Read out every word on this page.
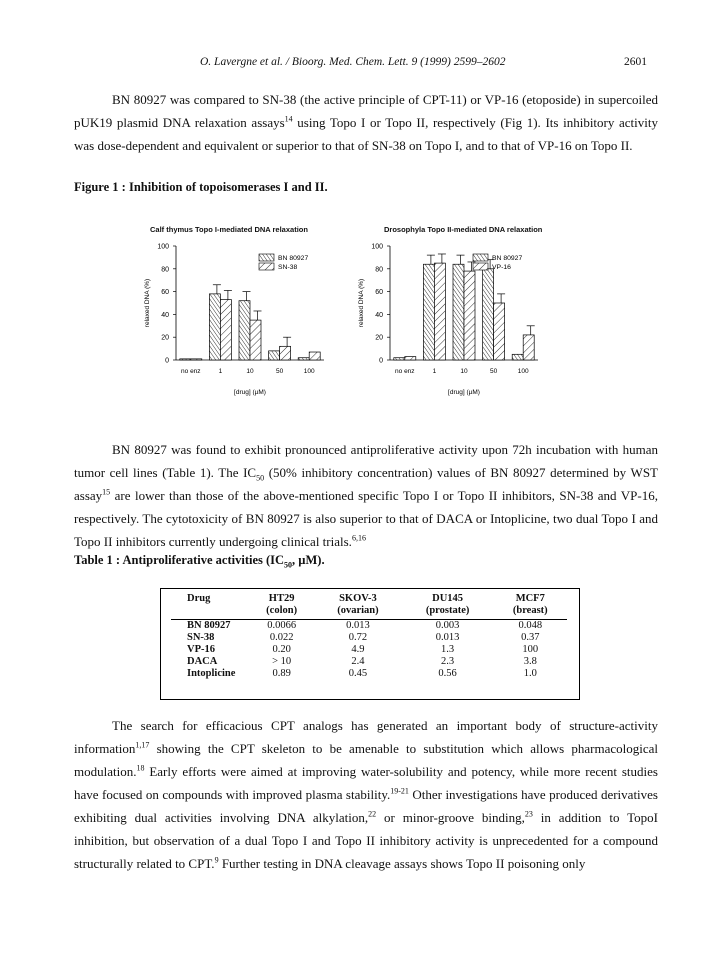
O. Lavergne et al. / Bioorg. Med. Chem. Lett. 9 (1999) 2599–2602	2601

BN 80927 was compared to SN-38 (the active principle of CPT-11) or VP-16 (etoposide) in supercoiled pUK19 plasmid DNA relaxation assays$^{14}$ using Topo I or Topo II, respectively (Fig 1). Its inhibitory activity was dose-dependent and equivalent or superior to that of SN-38 on Topo I, and to that of VP-16 on Topo II.

Figure 1 : Inhibition of topoisomerases I and II.

Calf thymus Topo I-mediated DNA relaxation	Drosophyla Topo II-mediated DNA relaxation
0
20
40
60
80
100
relaxed DNA (%)
no enz	1	10	50	100
[drug] (µM)
BN 80927
SN-38
0
20
40
60
80
100
relaxed DNA (%)
no enz	1	10	50	100
[drug] (µM)
BN 80927
VP-16

BN 80927 was found to exhibit pronounced antiproliferative activity upon 72h incubation with human tumor cell lines (Table 1). The $IC_{50}$ (50% inhibitory concentration) values of BN 80927 determined by WST assay$^{15}$ are lower than those of the above-mentioned specific Topo I or Topo II inhibitors, SN-38 and VP-16, respectively. The cytotoxicity of BN 80927 is also superior to that of DACA or Intoplicine, two dual Topo I and Topo II inhibitors currently undergoing clinical trials.$^{6,16}$

Table 1 : Antiproliferative activities ($IC_{50}$, µM).

Drug	HT29	SKOV-3	DU145	MCF7
	(colon)	(ovarian)	(prostate)	(breast)
BN 80927	0.0066	0.013	0.003	0.048
SN-38	0.022	0.72	0.013	0.37
VP-16	0.20	4.9	1.3	100
DACA	> 10	2.4	2.3	3.8
Intoplicine	0.89	0.45	0.56	1.0

The search for efficacious CPT analogs has generated an important body of structure-activity information$^{1,17}$ showing the CPT skeleton to be amenable to substitution which allows pharmacological modulation.$^{18}$ Early efforts were aimed at improving water-solubility and potency, while more recent studies have focused on compounds with improved plasma stability.$^{19-21}$ Other investigations have produced derivatives exhibiting dual activities involving DNA alkylation,$^{22}$ or minor-groove binding,$^{23}$ in addition to TopoI inhibition, but observation of a dual Topo I and Topo II inhibitory activity is unprecedented for a compound structurally related to CPT.$^9$ Further testing in DNA cleavage assays shows Topo II poisoning only
